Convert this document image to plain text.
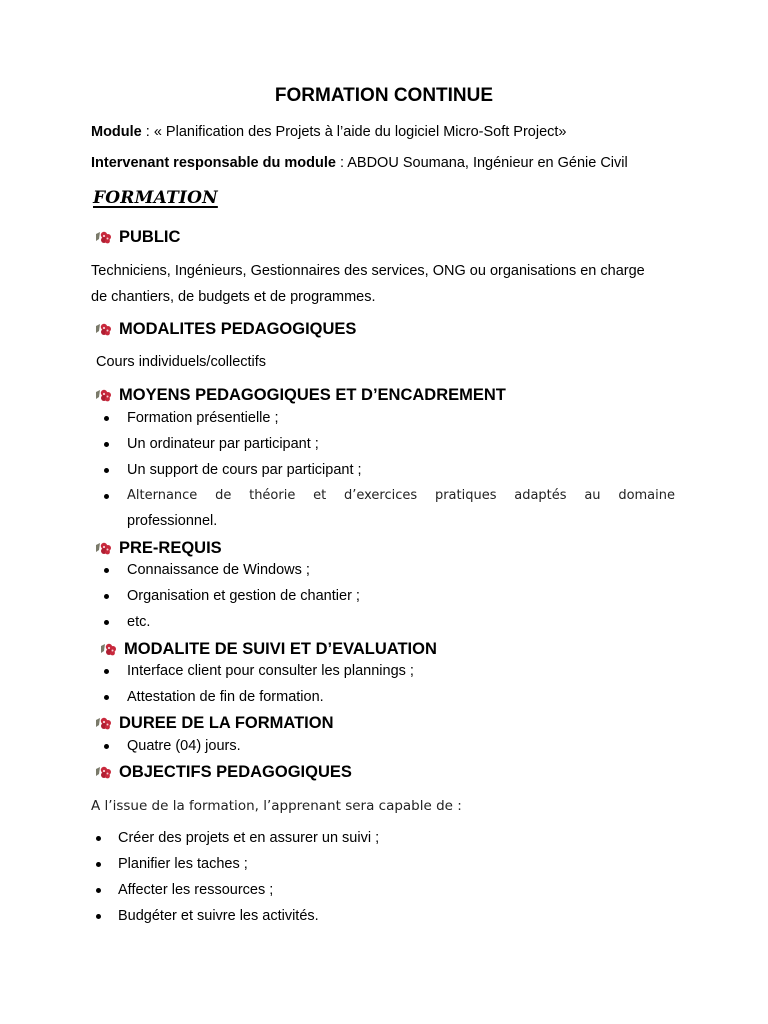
FORMATION CONTINUE
Module : « Planification des Projets à l’aide du logiciel Micro-Soft Project»
Intervenant responsable du module : ABDOU Soumana, Ingénieur en Génie Civil
FORMATION
PUBLIC
Techniciens, Ingénieurs, Gestionnaires des services, ONG ou organisations en charge
de chantiers, de budgets et de programmes.
MODALITES PEDAGOGIQUES
Cours individuels/collectifs
MOYENS PEDAGOGIQUES ET D’ENCADREMENT
Formation présentielle ;
Un ordinateur par participant ;
Un support de cours par participant ;
Alternance de théorie et d’exercices pratiques adaptés au domaine
professionnel.
PRE-REQUIS
Connaissance de Windows ;
Organisation et gestion de chantier ;
etc.
MODALITE DE SUIVI ET D’EVALUATION
Interface client pour consulter les plannings ;
Attestation de fin de formation.
DUREE DE LA FORMATION
Quatre (04) jours.
OBJECTIFS PEDAGOGIQUES
A l’issue de la formation, l’apprenant sera capable de :
Créer des projets et en assurer un suivi ;
Planifier les taches ;
Affecter les ressources ;
Budgéter et suivre les activités.
